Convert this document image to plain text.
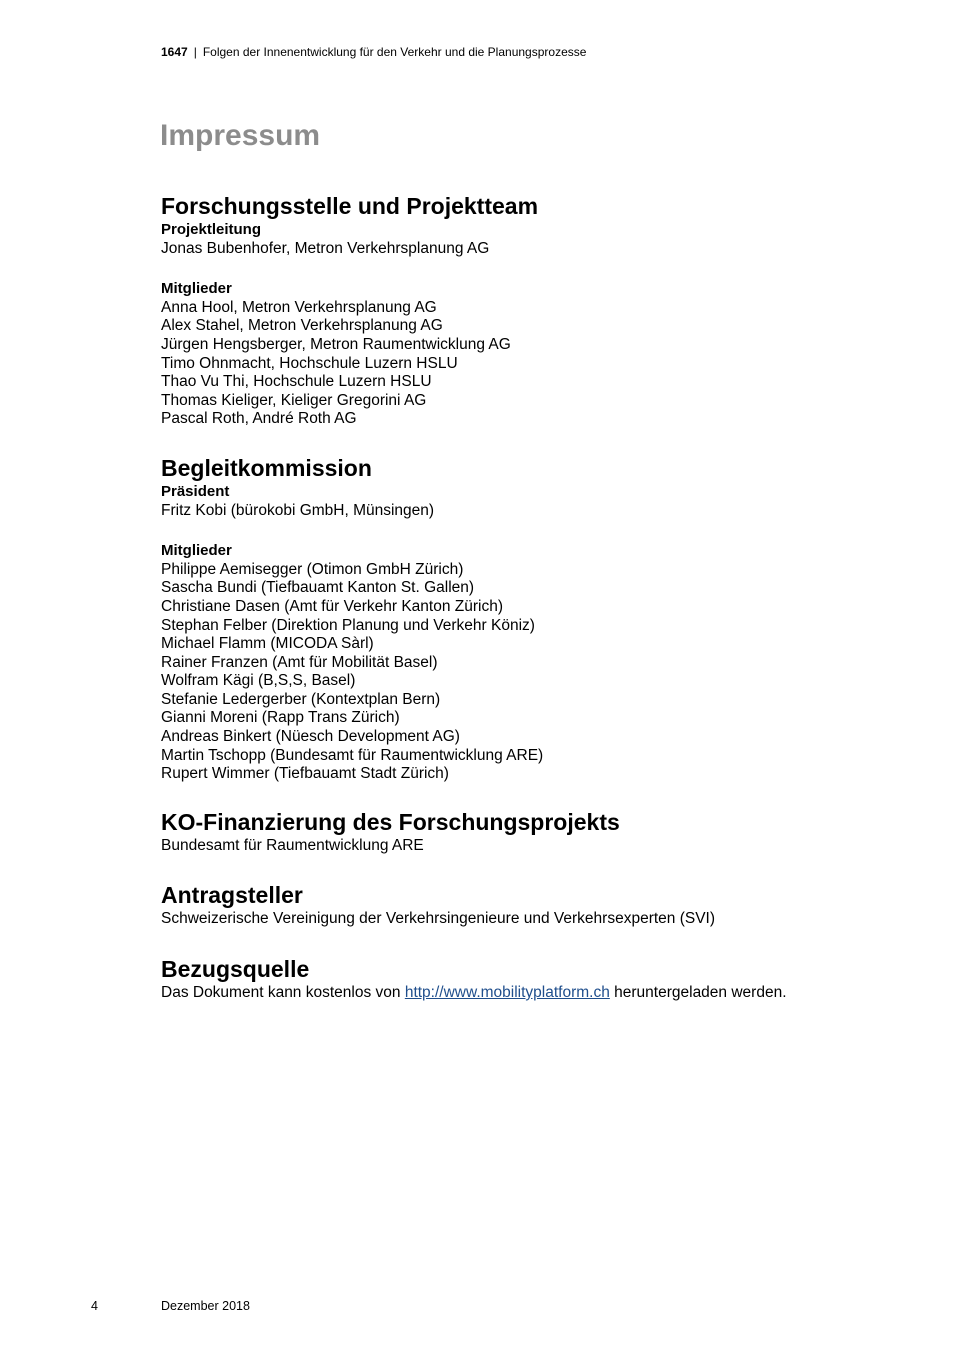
1647 | Folgen der Innenentwicklung für den Verkehr und die Planungsprozesse
Impressum
Forschungsstelle und Projektteam
Projektleitung
Jonas Bubenhofer, Metron Verkehrsplanung AG
Mitglieder
Anna Hool, Metron Verkehrsplanung AG
Alex Stahel, Metron Verkehrsplanung AG
Jürgen Hengsberger, Metron Raumentwicklung AG
Timo Ohnmacht, Hochschule Luzern HSLU
Thao Vu Thi, Hochschule Luzern HSLU
Thomas Kieliger, Kieliger Gregorini AG
Pascal Roth, André Roth AG
Begleitkommission
Präsident
Fritz Kobi (bürokobi GmbH, Münsingen)
Mitglieder
Philippe Aemisegger (Otimon GmbH Zürich)
Sascha Bundi (Tiefbauamt Kanton St. Gallen)
Christiane Dasen (Amt für Verkehr Kanton Zürich)
Stephan Felber (Direktion Planung und Verkehr Köniz)
Michael Flamm (MICODA Sàrl)
Rainer Franzen (Amt für Mobilität Basel)
Wolfram Kägi (B,S,S, Basel)
Stefanie Ledergerber (Kontextplan Bern)
Gianni Moreni (Rapp Trans Zürich)
Andreas Binkert (Nüesch Development AG)
Martin Tschopp (Bundesamt für Raumentwicklung ARE)
Rupert Wimmer (Tiefbauamt Stadt Zürich)
KO-Finanzierung des Forschungsprojekts
Bundesamt für Raumentwicklung ARE
Antragsteller
Schweizerische Vereinigung der Verkehrsingenieure und Verkehrsexperten (SVI)
Bezugsquelle
Das Dokument kann kostenlos von http://www.mobilityplatform.ch heruntergeladen werden.
4	Dezember 2018
